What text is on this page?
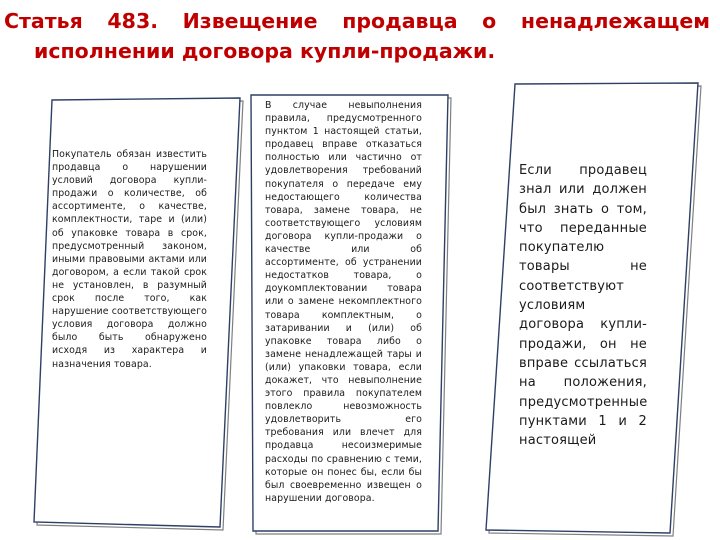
Статья 483. Извещение продавца о ненадлежащем
исполнении договора купли-продажи.

Покупатель обязан известить продавца о нарушении условий договора купли-продажи о количестве, об ассортименте, о качестве, комплектности, таре и (или) об упаковке товара в срок, предусмотренный законом, иными правовыми актами или договором, а если такой срок не установлен, в разумный срок после того, как нарушение соответствующего условия договора должно было быть обнаружено исходя из характера и назначения товара.

В случае невыполнения правила, предусмотренного пунктом 1 настоящей статьи, продавец вправе отказаться полностью или частично от удовлетворения требований покупателя о передаче ему недостающего количества товара, замене товара, не соответствующего условиям договора купли-продажи о качестве или об ассортименте, об устранении недостатков товара, о доукомплектовании товара или о замене некомплектного товара комплектным, о затаривании и (или) об упаковке товара либо о замене ненадлежащей тары и (или) упаковки товара, если докажет, что невыполнение этого правила покупателем повлекло невозможность удовлетворить его требования или влечет для продавца несоизмеримые расходы по сравнению с теми, которые он понес бы, если бы был своевременно извещен о нарушении договора.

Если продавец знал или должен был знать о том, что переданные покупателю товары не соответствуют условиям договора купли-продажи, он не вправе ссылаться на положения, предусмотренные пунктами 1 и 2 настоящей
